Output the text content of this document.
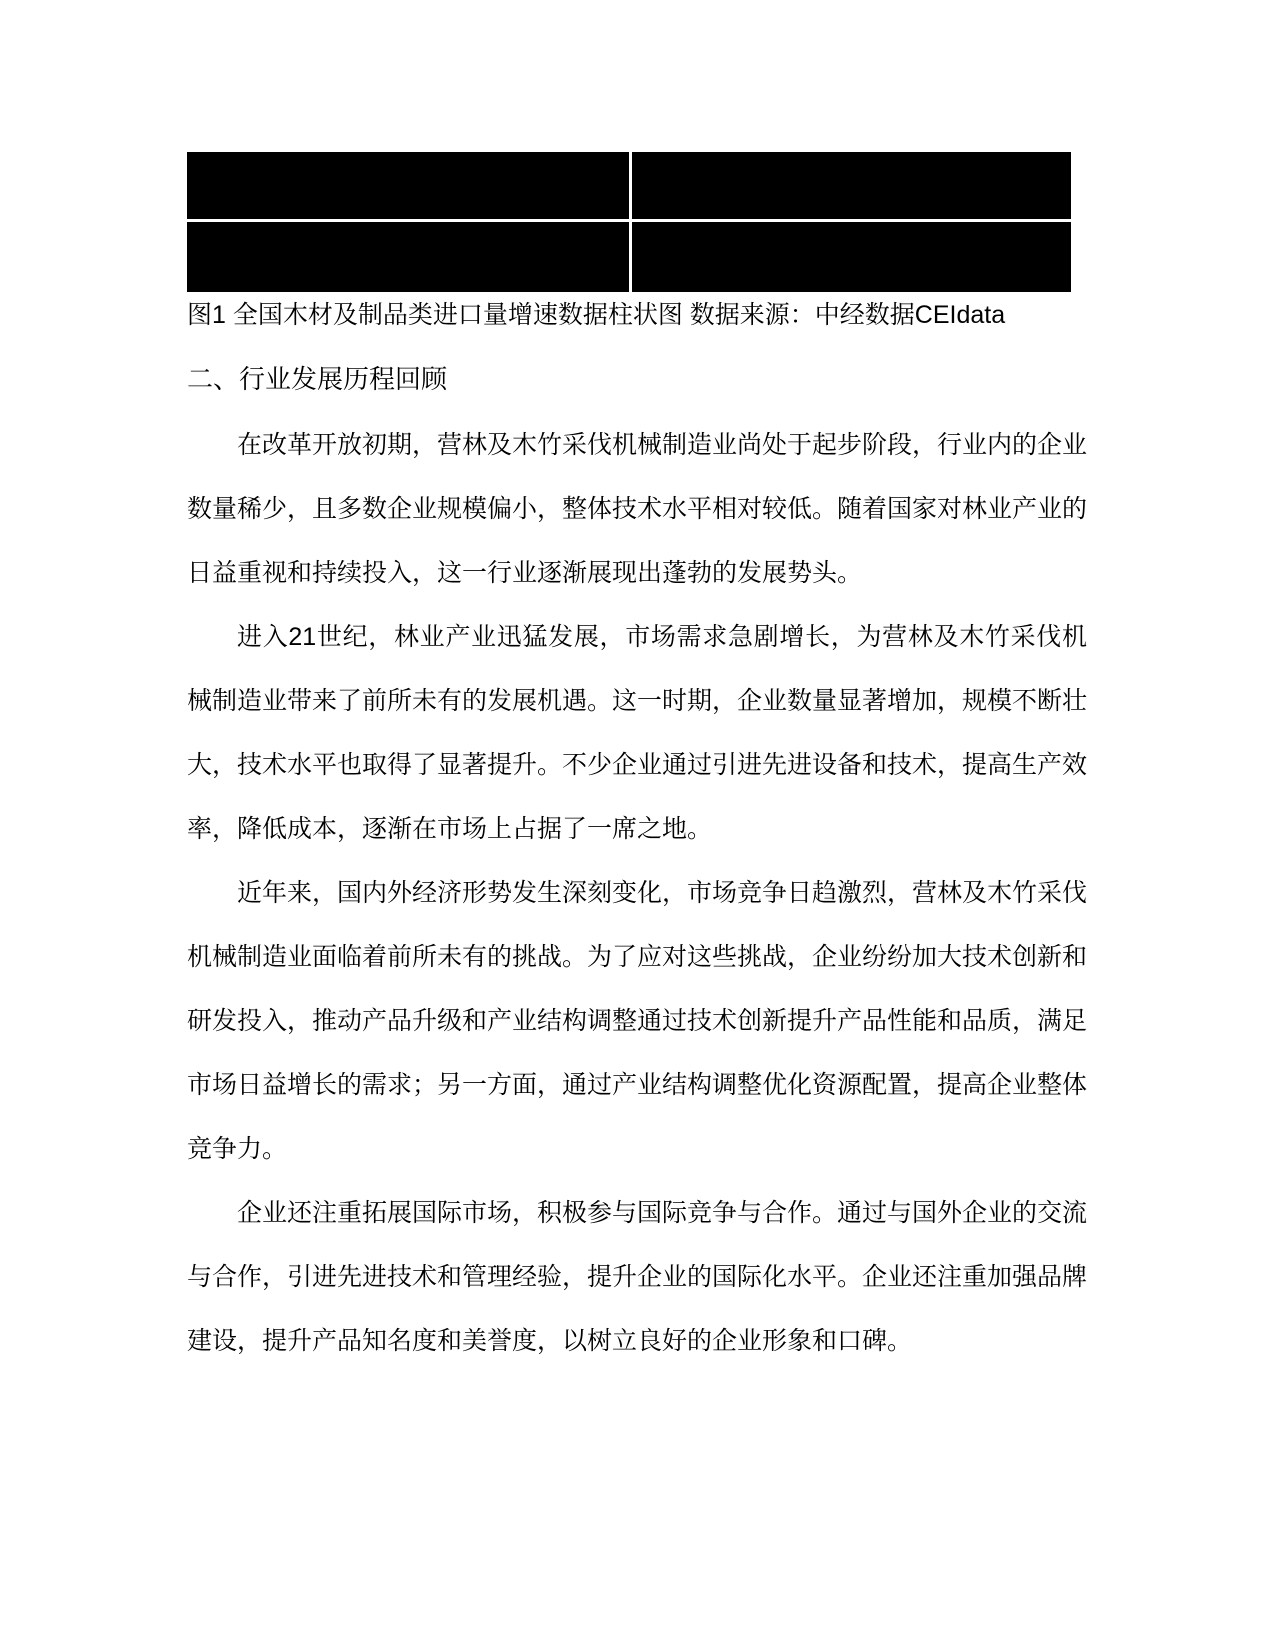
图1 全国木材及制品类进口量增速数据柱状图 数据来源：中经数据CEIdata
二、行业发展历程回顾

在改革开放初期，营林及木竹采伐机械制造业尚处于起步阶段，行业内的企业数量稀少，且多数企业规模偏小，整体技术水平相对较低。随着国家对林业产业的日益重视和持续投入，这一行业逐渐展现出蓬勃的发展势头。

进入21世纪，林业产业迅猛发展，市场需求急剧增长，为营林及木竹采伐机械制造业带来了前所未有的发展机遇。这一时期，企业数量显著增加，规模不断壮大，技术水平也取得了显著提升。不少企业通过引进先进设备和技术，提高生产效率，降低成本，逐渐在市场上占据了一席之地。

近年来，国内外经济形势发生深刻变化，市场竞争日趋激烈，营林及木竹采伐机械制造业面临着前所未有的挑战。为了应对这些挑战，企业纷纷加大技术创新和研发投入，推动产品升级和产业结构调整通过技术创新提升产品性能和品质，满足市场日益增长的需求；另一方面，通过产业结构调整优化资源配置，提高企业整体竞争力。

企业还注重拓展国际市场，积极参与国际竞争与合作。通过与国外企业的交流与合作，引进先进技术和管理经验，提升企业的国际化水平。企业还注重加强品牌建设，提升产品知名度和美誉度，以树立良好的企业形象和口碑。
